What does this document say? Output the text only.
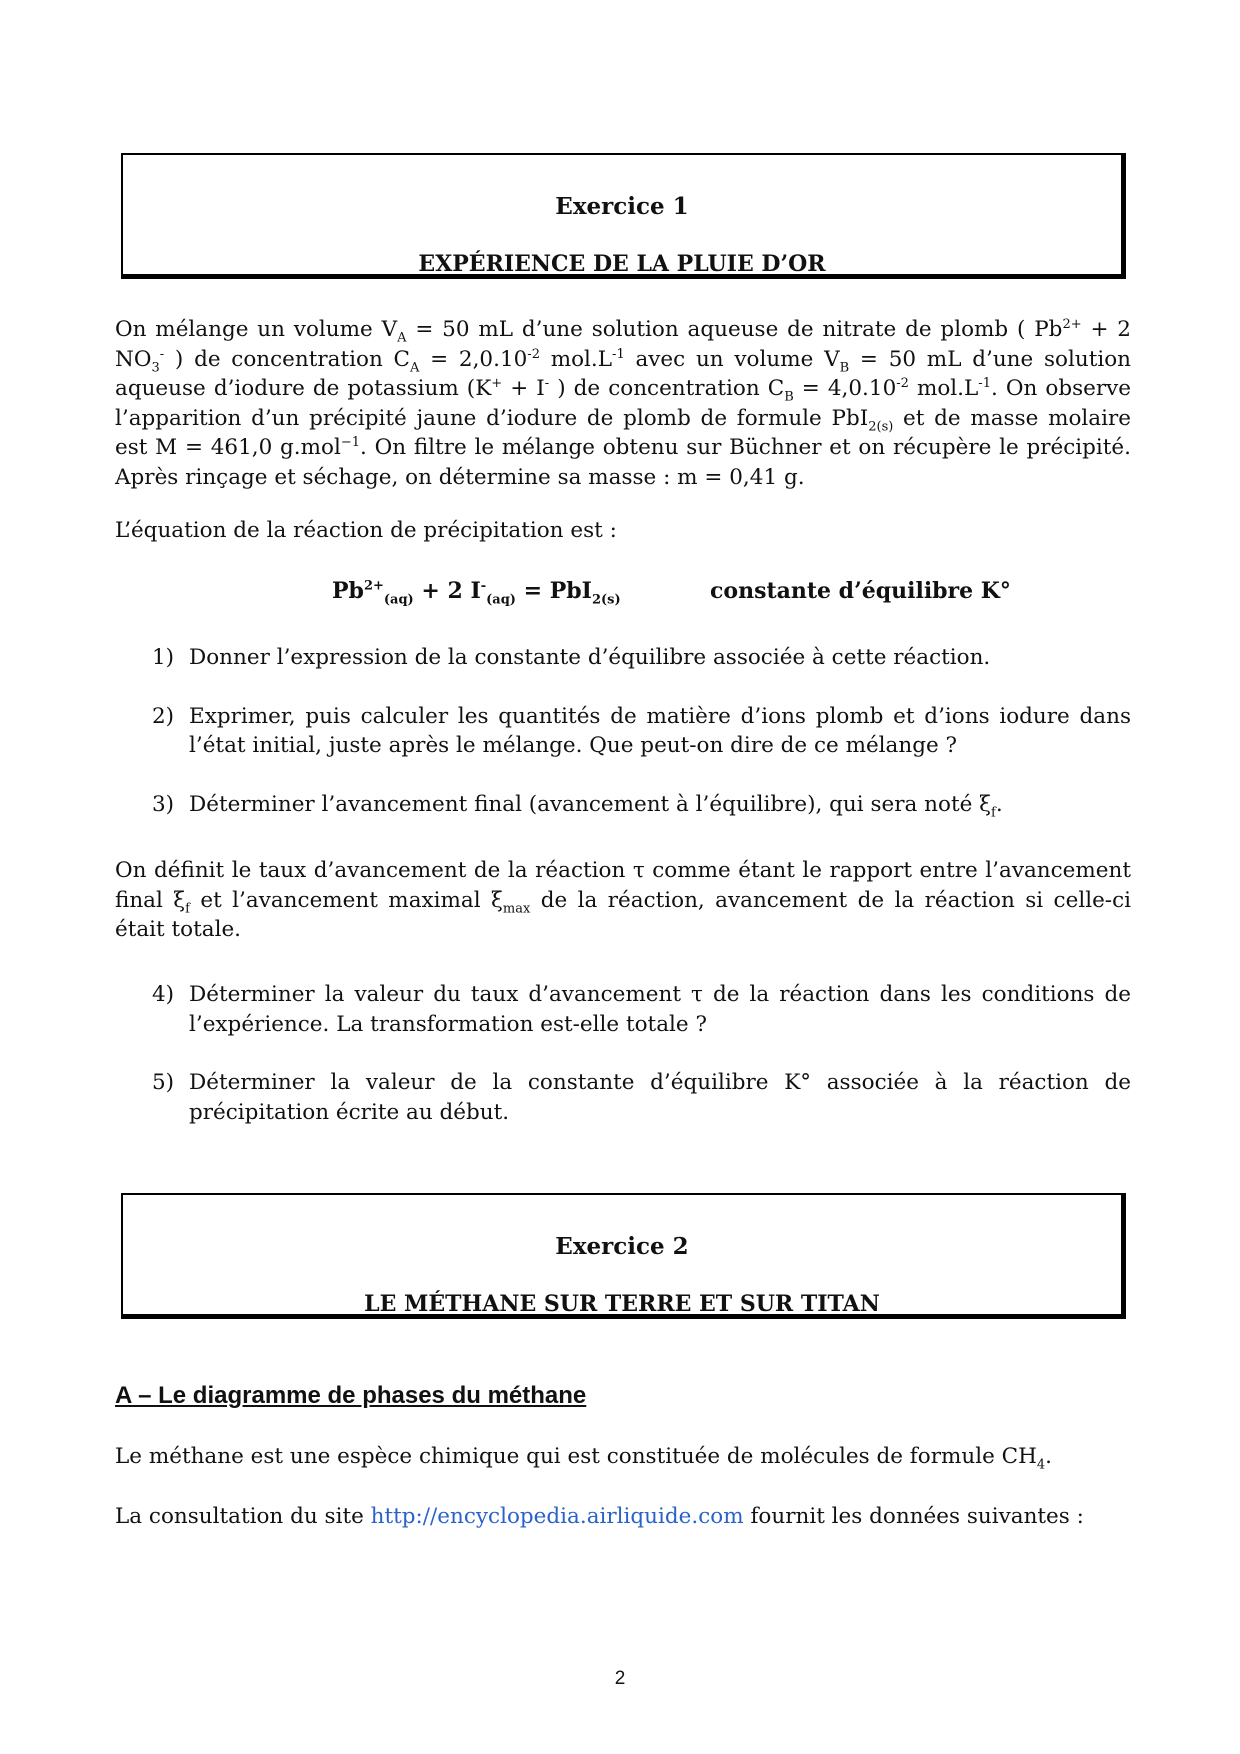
Exercice 1
EXPÉRIENCE DE LA PLUIE D’OR

On mélange un volume $V_A = 50$ mL d’une solution aqueuse de nitrate de plomb ( $Pb^{2+} + 2$ $NO_3^-$ ) de concentration $C_A = 2,0.10^{-2}$ $mol.L^{-1}$ avec un volume $V_B = 50$ mL d’une solution aqueuse d’iodure de potassium (K+ + I- ) de concentration $C_B = 4,0.10^{-2}$ $mol.L^{-1}$. On observe l’apparition d’un précipité jaune d’iodure de plomb de formule PbI$_{2(s)}$ et de masse molaire est M = 461,0 g.mol$^{-1}$. On filtre le mélange obtenu sur Büchner et on récupère le précipité. Après rinçage et séchage, on détermine sa masse : m = 0,41 g.

L’équation de la réaction de précipitation est :

$Pb^{2+}_{(aq)} + 2$ $I^-_{(aq)} = PbI_{2(s)}$	constante d’équilibre K°
1) Donner l’expression de la constante d’équilibre associée à cette réaction.
2) Exprimer, puis calculer les quantités de matière d’ions plomb et d’ions iodure dans l’état initial, juste après le mélange. Que peut-on dire de ce mélange ?
3) Déterminer l’avancement final (avancement à l’équilibre), qui sera noté $\xi_f$.

On définit le taux d’avancement de la réaction τ comme étant le rapport entre l’avancement final $\xi_f$ et l’avancement maximal $\xi_{max}$ de la réaction, avancement de la réaction si celle-ci était totale.

4) Déterminer la valeur du taux d’avancement τ de la réaction dans les conditions de l’expérience. La transformation est-elle totale ?
5) Déterminer la valeur de la constante d’équilibre K° associée à la réaction de précipitation écrite au début.
Exercice 2
LE MÉTHANE SUR TERRE ET SUR TITAN
A – Le diagramme de phases du méthane

Le méthane est une espèce chimique qui est constituée de molécules de formule $CH_4$.

La consultation du site http://encyclopedia.airliquide.com fournit les données suivantes :

2
